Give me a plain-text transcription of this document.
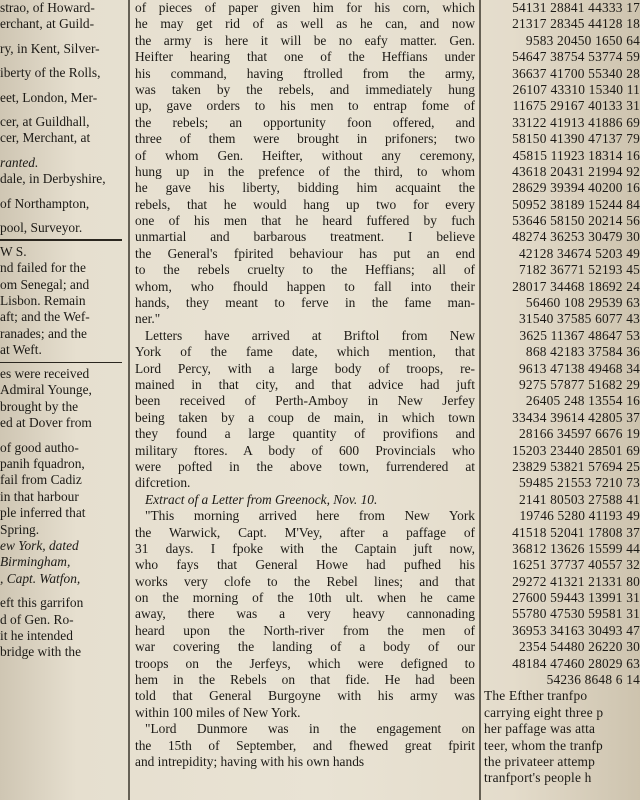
strao, of Howard-
erchant, at Guild-
ry, in Kent, Silver-
iberty of the Rolls,
eet, London, Mer-
cer, at Guildhall,
cer, Merchant, at
ranted.
dale, in Derbyshire,
of Northampton,
pool, Surveyor.
W S.
nd failed for the
om Senegal; and
Lisbon. Remain
aft; and the Wef-
ranades; and the
at Weft.
es were received
Admiral Younge,
brought by the
ed at Dover from
of good autho-
panih fquadron,
fail from Cadiz
in that harbour
ple inferred that
Spring.
ew York, dated
Birmingham,
, Capt. Watfon,
eft this garrifon
d of Gen. Ro-
it he intended
bridge with the
of pieces of paper given him for his corn, which
he may get rid of as well as he can, and now
the army is here it will be no eafy matter. Gen.
Heifter hearing that one of the Heffians under
his command, having ftrolled from the army,
was taken by the rebels, and immediately hung
up, gave orders to his men to entrap fome of
the rebels; an opportunity foon offered, and
three of them were brought in prifoners; two
of whom Gen. Heifter, without any ceremony,
hung up in the prefence of the third, to whom
he gave his liberty, bidding him acquaint the
rebels, that he would hang up two for every
one of his men that he heard fuffered by fuch
unmartial and barbarous treatment. I believe
the General's fpirited behaviour has put an end
to the rebels cruelty to the Heffians; all of
whom, who fhould happen to fall into their
hands, they meant to ferve in the fame man-
ner."
Letters have arrived at Briftol from New
York of the fame date, which mention, that
Lord Percy, with a large body of troops, re-
mained in that city, and that advice had juft
been received of Perth-Amboy in New Jerfey
being taken by a coup de main, in which town
they found a large quantity of provifions and
military ftores. A body of 600 Provincials who
were pofted in the above town, furrendered at
difcretion.
Extract of a Letter from Greenock, Nov. 10.
"This morning arrived here from New York
the Warwick, Capt. M'Vey, after a paffage of
31 days. I fpoke with the Captain juft now,
who fays that General Howe had pufhed his
works very clofe to the Rebel lines; and that
on the morning of the 10th ult. when he came
away, there was a very heavy cannonading
heard upon the North-river from the men of
war covering the landing of a body of our
troops on the Jerfeys, which were defigned to
hem in the Rebels on that fide. He had been
told that General Burgoyne with his army was
within 100 miles of New York.
"Lord Dunmore was in the engagement on
the 15th of September, and fhewed great fpirit
and intrepidity; having with his own hands
54131 28841 44333 17
21317 28345 44128 18
9583 20450 1650 64
54647 38754 53774 59
36637 41700 55340 28
26107 43310 15340 11
11675 29167 40133 31
33122 41913 41886 69
58150 41390 47137 79
45815 11923 18314 16
43618 20431 21994 92
28629 39394 40200 16
50952 38189 15244 84
53646 58150 20214 56
48274 36253 30479 30
42128 34674 5203 49
7182 36771 52193 45
28017 34468 18692 24
56460 108 29539 63
31540 37585 6077 43
3625 11367 48647 53
868 42183 37584 36
9613 47138 49468 34
9275 57877 51682 29
26405 248 13554 16
33434 39614 42805 37
28166 34597 6676 19
15203 23440 28501 69
23829 53821 57694 25
59485 21553 7210 73
2141 80503 27588 41
19746 5280 41193 49
41518 52041 17808 37
36812 13626 15599 44
16251 37737 40557 32
29272 41321 21331 80
27600 59443 13991 31
55780 47530 59581 31
36953 34163 30493 47
2354 54480 26220 30
48184 47460 28029 63
54236 8648 6 14
The Efther tranfpo
carrying eight three p
her paffage was atta
teer, whom the tranfp
the privateer attemp
tranfport's people h
